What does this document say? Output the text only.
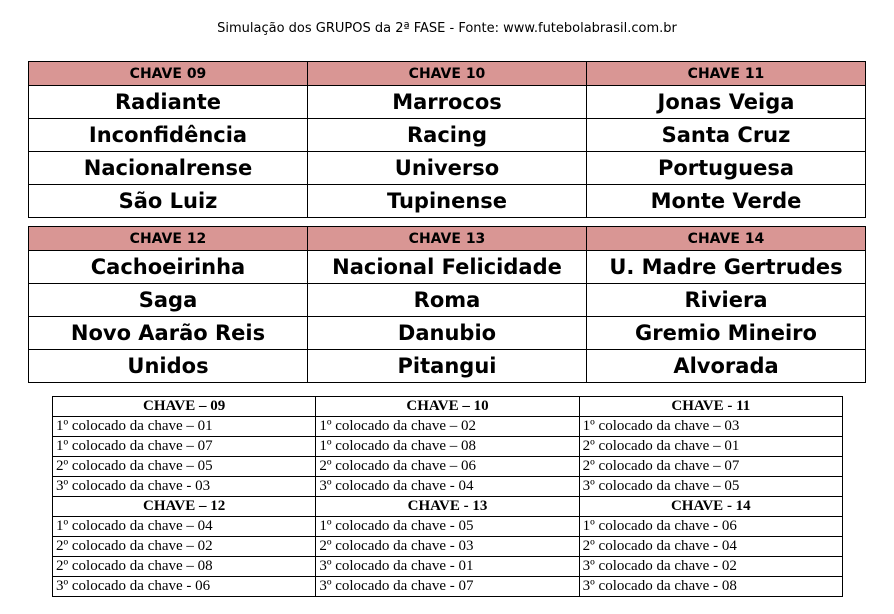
Simulação dos GRUPOS da 2ª FASE - Fonte: www.futebolabrasil.com.br
CHAVE 09	CHAVE 10	CHAVE 11
Radiante	Marrocos	Jonas Veiga
Inconfidência	Racing	Santa Cruz
Nacionalrense	Universo	Portuguesa
São Luiz	Tupinense	Monte Verde
CHAVE 12	CHAVE 13	CHAVE 14
Cachoeirinha	Nacional Felicidade	U. Madre Gertrudes
Saga	Roma	Riviera
Novo Aarão Reis	Danubio	Gremio Mineiro
Unidos	Pitangui	Alvorada
CHAVE – 09	CHAVE – 10	CHAVE - 11
1º colocado da chave – 01	1º colocado da chave – 02	1º colocado da chave – 03
1º colocado da chave – 07	1º colocado da chave – 08	2º colocado da chave – 01
2º colocado da chave – 05	2º colocado da chave – 06	2º colocado da chave – 07
3º colocado da chave - 03	3º colocado da chave - 04	3º colocado da chave – 05
CHAVE – 12	CHAVE - 13	CHAVE - 14
1º colocado da chave – 04	1º colocado da chave - 05	1º colocado da chave - 06
2º colocado da chave – 02	2º colocado da chave - 03	2º colocado da chave - 04
2º colocado da chave – 08	3º colocado da chave - 01	3º colocado da chave - 02
3º colocado da chave - 06	3º colocado da chave - 07	3º colocado da chave - 08
